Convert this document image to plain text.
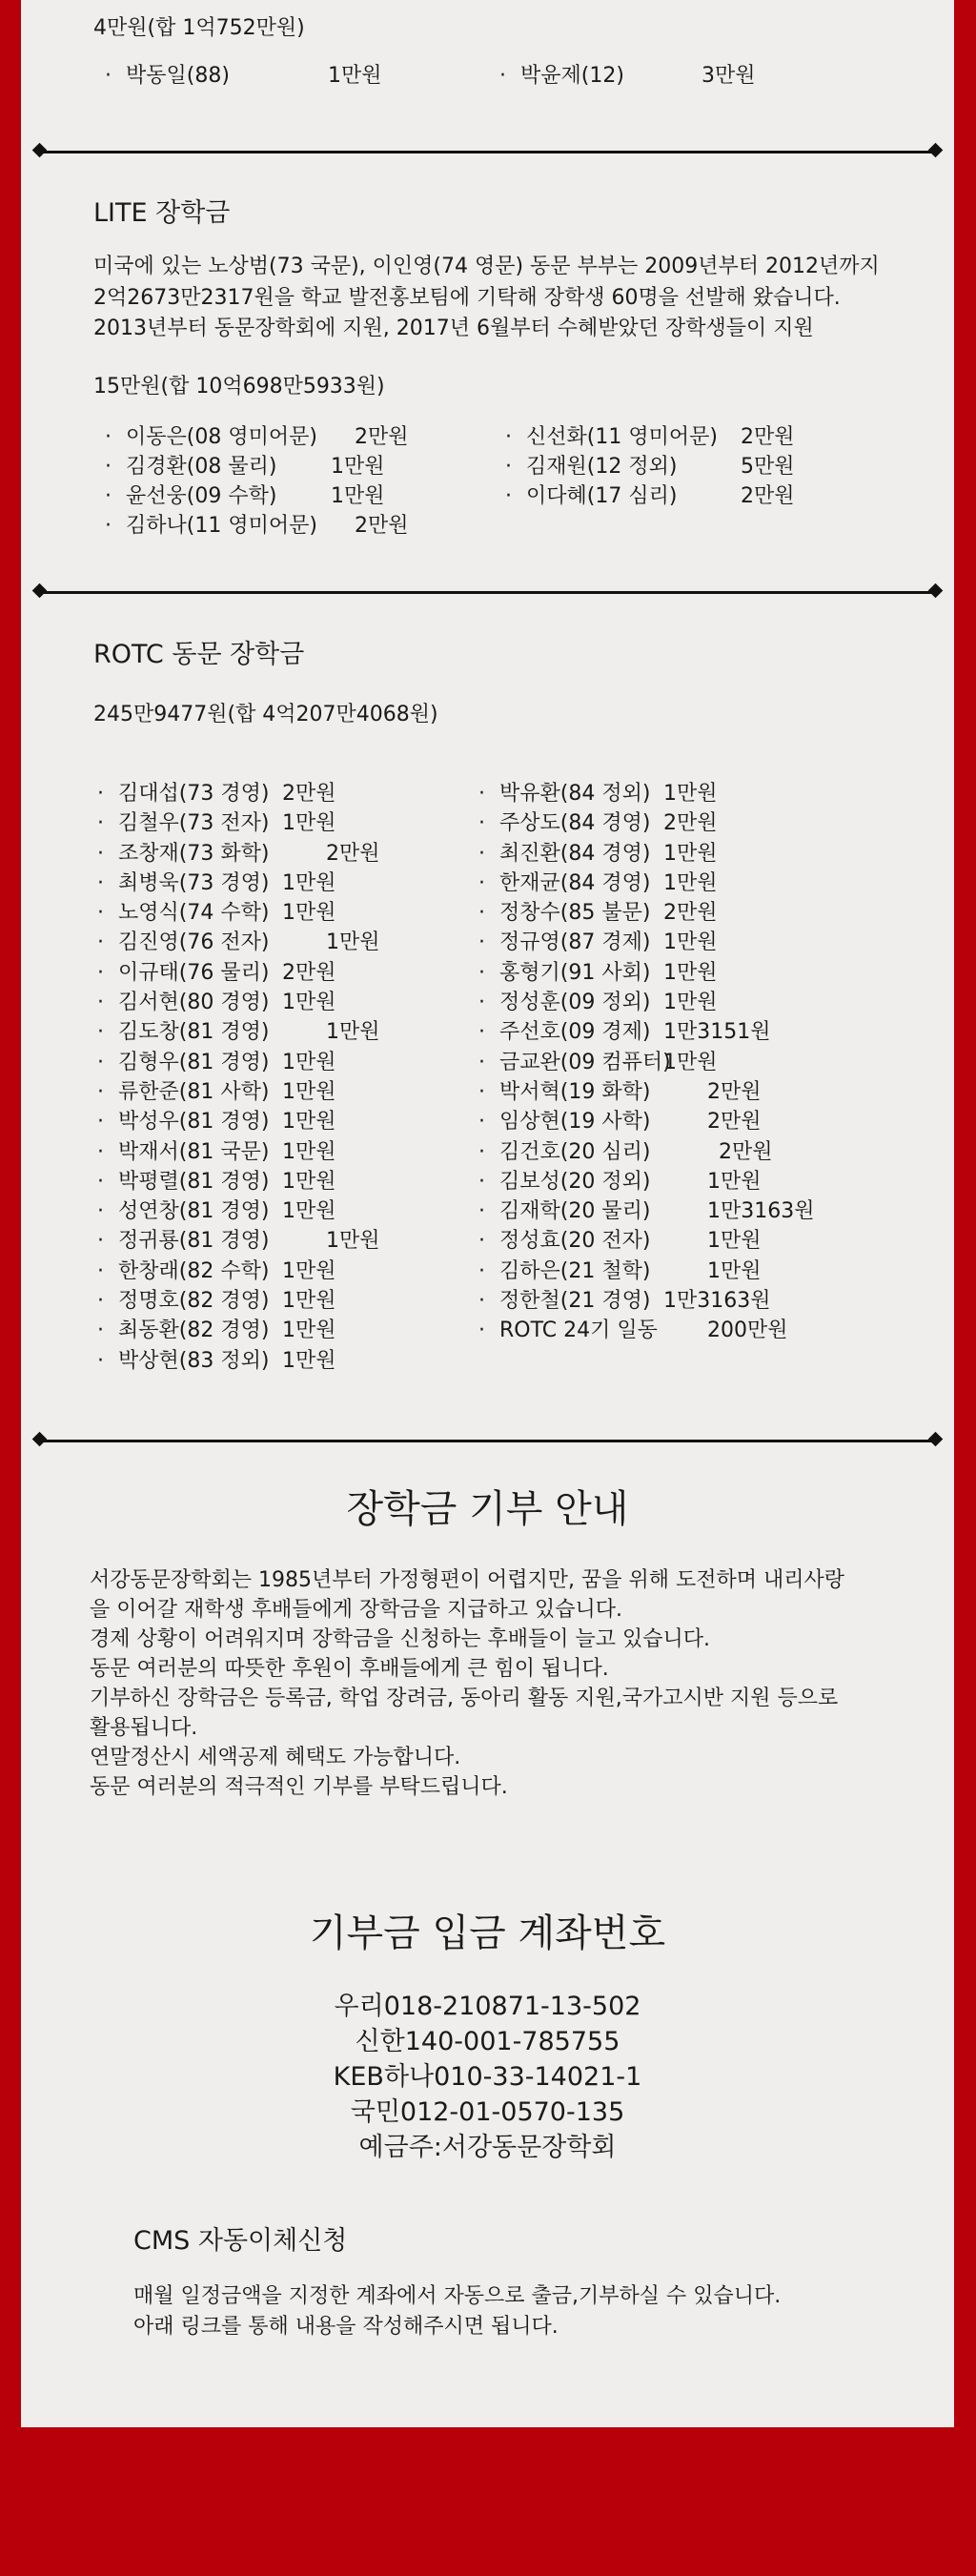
4만원(합 1억752만원)
· 박동일(88)	1만원	· 박윤제(12)	3만원
LITE 장학금
미국에 있는 노상범(73 국문), 이인영(74 영문) 동문 부부는 2009년부터 2012년까지
2억2673만2317원을 학교 발전홍보팀에 기탁해 장학생 60명을 선발해 왔습니다.
2013년부터 동문장학회에 지원, 2017년 6월부터 수혜받았던 장학생들이 지원
15만원(합 10억698만5933원)
· 이동은(08 영미어문) 2만원
· 김경환(08 물리)	1만원
· 윤선웅(09 수학)	1만원
· 김하나(11 영미어문) 2만원
· 신선화(11 영미어문) 2만원
· 김재원(12 정외)	5만원
· 이다혜(17 심리)	2만원
ROTC 동문 장학금
245만9477원(합 4억207만4068원)
· 김대섭(73 경영) 2만원
· 김철우(73 전자) 1만원
· 조창재(73 화학)	2만원
· 최병욱(73 경영) 1만원
· 노영식(74 수학) 1만원
· 김진영(76 전자)	1만원
· 이규태(76 물리) 2만원
· 김서현(80 경영) 1만원
· 김도창(81 경영)	1만원
· 김형우(81 경영) 1만원
· 류한준(81 사학) 1만원
· 박성우(81 경영) 1만원
· 박재서(81 국문) 1만원
· 박평렬(81 경영) 1만원
· 성연창(81 경영) 1만원
· 정귀룡(81 경영)	1만원
· 한창래(82 수학) 1만원
· 정명호(82 경영) 1만원
· 최동환(82 경영) 1만원
· 박상현(83 정외) 1만원
· 박유환(84 정외) 1만원
· 주상도(84 경영) 2만원
· 최진환(84 경영) 1만원
· 한재균(84 경영) 1만원
· 정창수(85 불문) 2만원
· 정규영(87 경제) 1만원
· 홍형기(91 사회) 1만원
· 정성훈(09 정외) 1만원
· 주선호(09 경제) 1만3151원
· 금교완(09 컴퓨터)1만원
· 박서혁(19 화학)	2만원
· 임상현(19 사학)	2만원
· 김건호(20 심리)	2만원
· 김보성(20 정외)	1만원
· 김재학(20 물리)	1만3163원
· 정성효(20 전자)	1만원
· 김하은(21 철학)	1만원
· 정한철(21 경영) 1만3163원
· ROTC 24기 일동 200만원
장학금 기부 안내
서강동문장학회는 1985년부터 가정형편이 어렵지만, 꿈을 위해 도전하며 내리사랑
을 이어갈 재학생 후배들에게 장학금을 지급하고 있습니다.
경제 상황이 어려워지며 장학금을 신청하는 후배들이 늘고 있습니다.
동문 여러분의 따뜻한 후원이 후배들에게 큰 힘이 됩니다.
기부하신 장학금은 등록금, 학업 장려금, 동아리 활동 지원,국가고시반 지원 등으로
활용됩니다.
연말정산시 세액공제 혜택도 가능합니다.
동문 여러분의 적극적인 기부를 부탁드립니다.
기부금 입금 계좌번호
우리018-210871-13-502
신한140-001-785755
KEB하나010-33-14021-1
국민012-01-0570-135
예금주:서강동문장학회
CMS 자동이체신청
매월 일정금액을 지정한 계좌에서 자동으로 출금,기부하실 수 있습니다.
아래 링크를 통해 내용을 작성해주시면 됩니다.
